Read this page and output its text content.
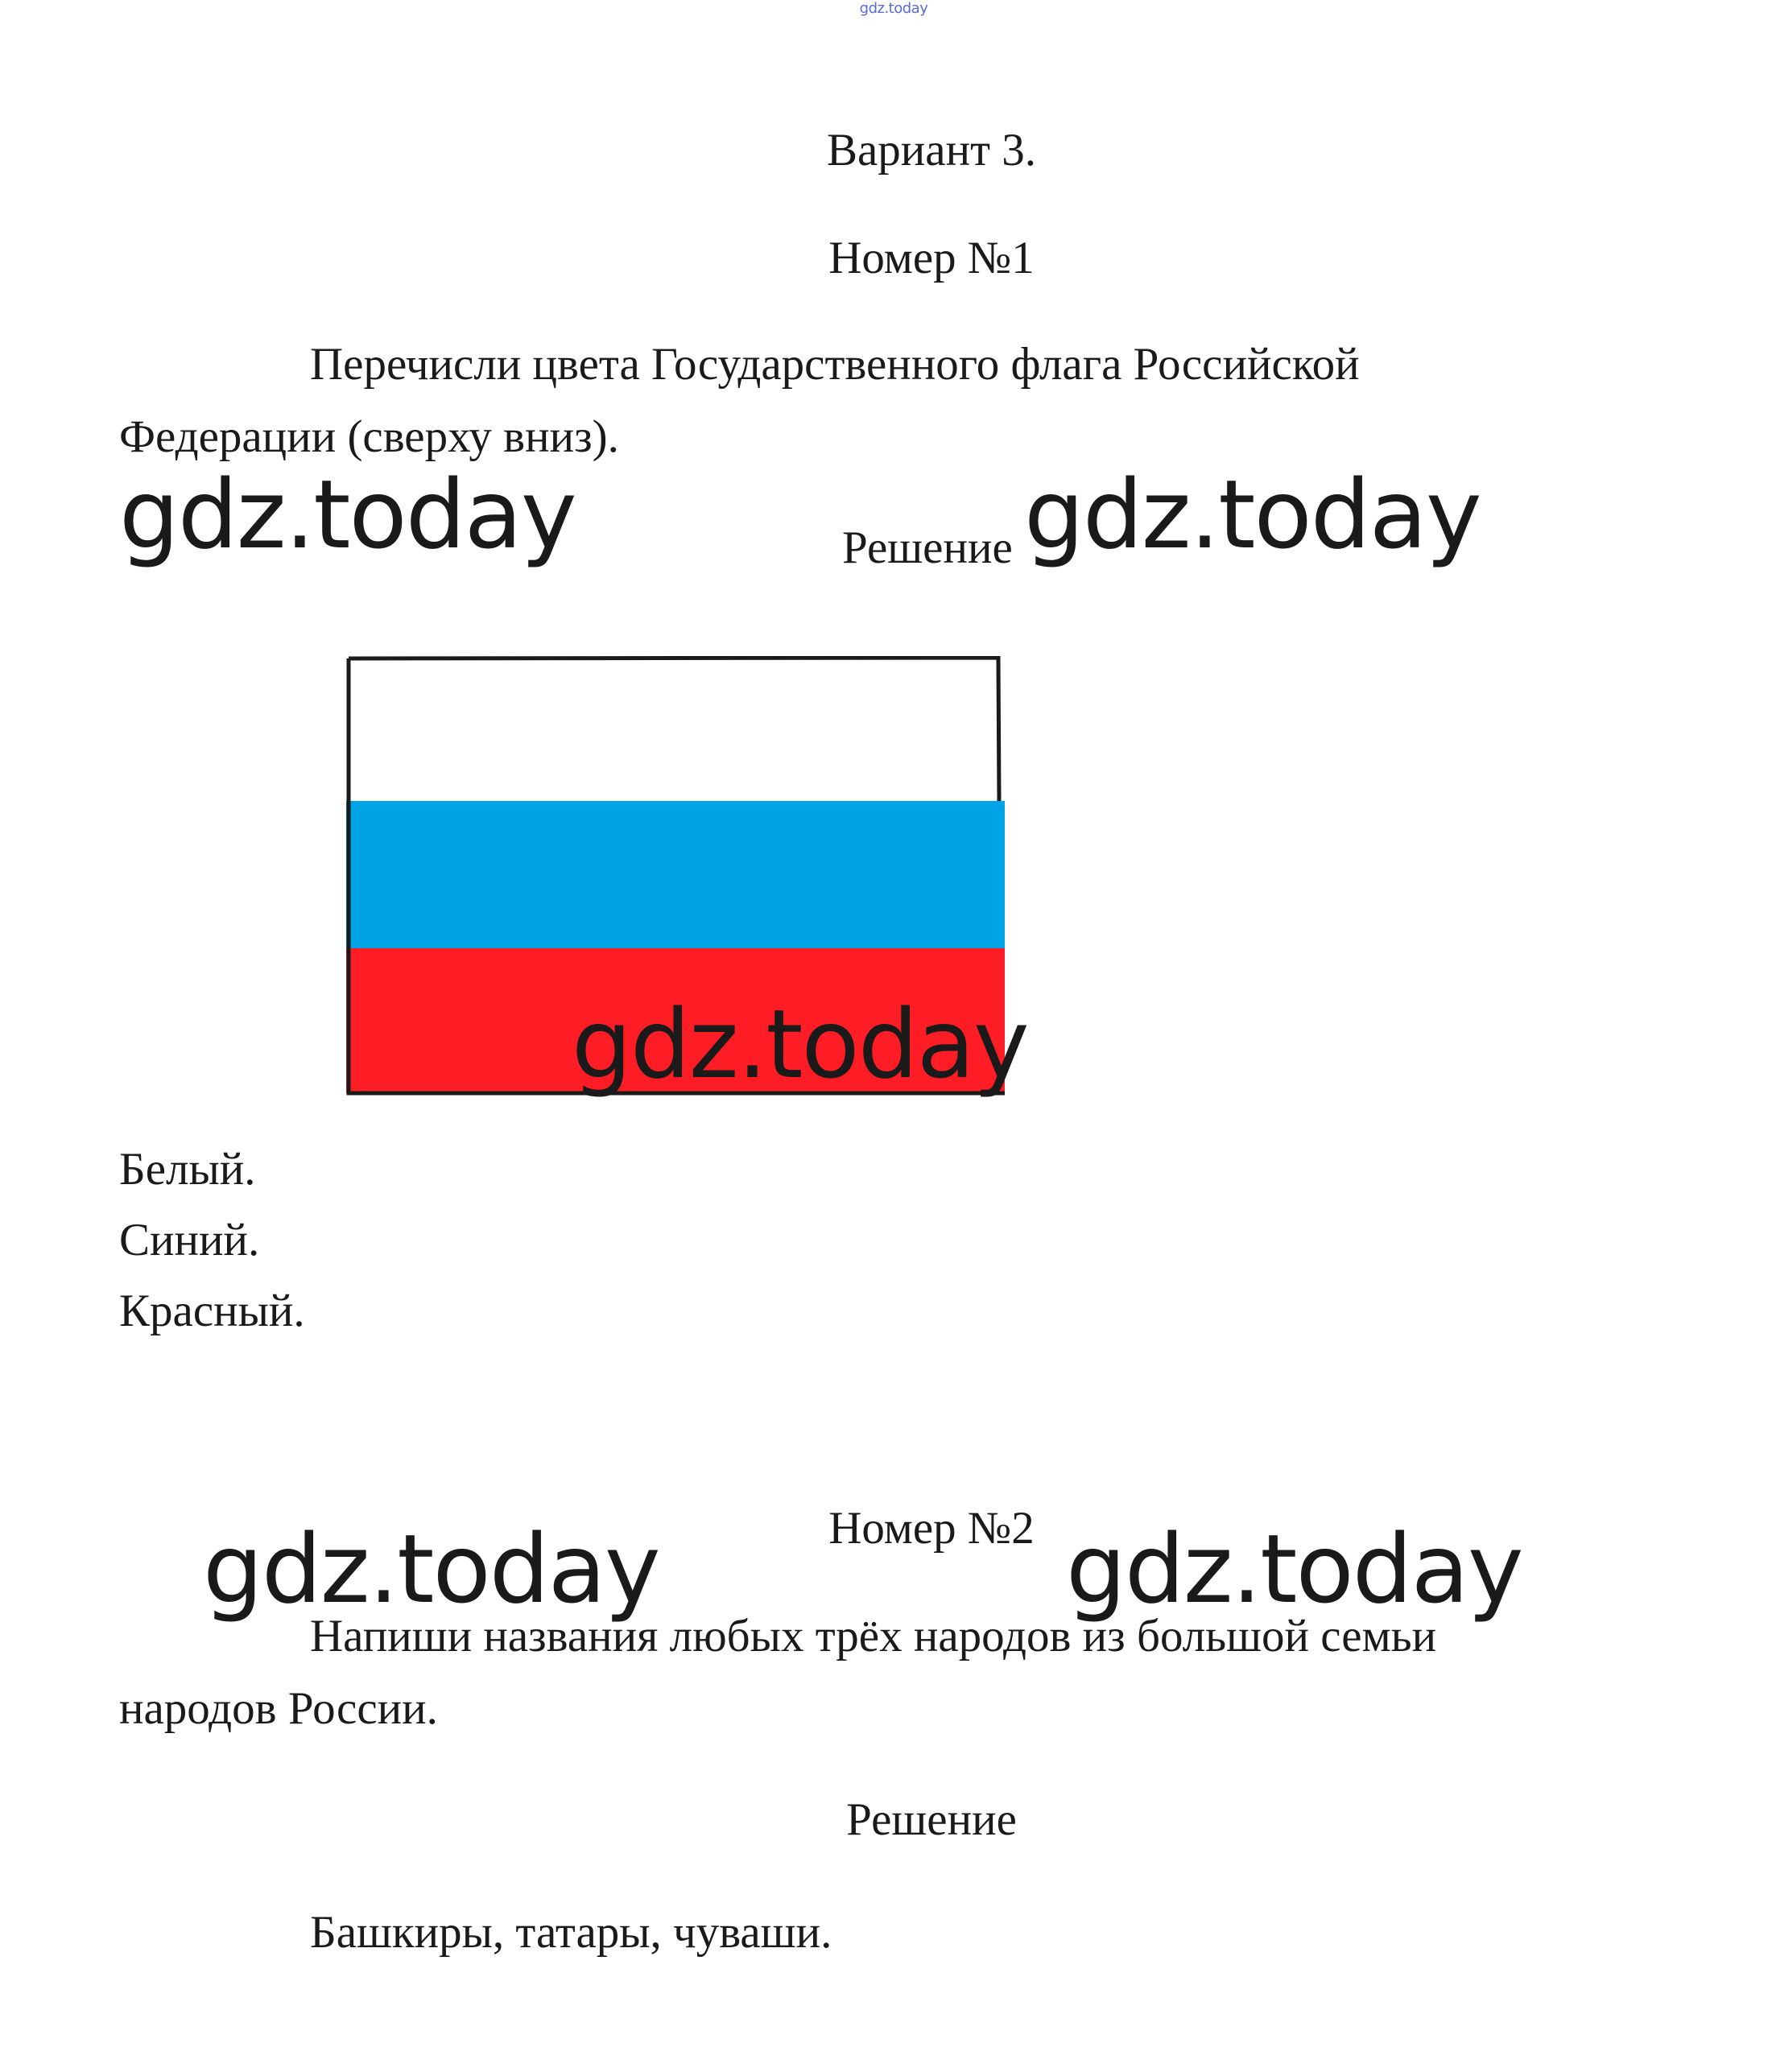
gdz.today
Вариант 3.
Номер №1
Перечисли цвета Государственного флага Российской
Федерации (сверху вниз).
gdz.today	Решение gdz.today
gdz.today
Белый.
Синий.
Красный.
Номер №2
gdz.today	gdz.today
Напиши названия любых трёх народов из большой семьи
народов России.
Решение
Башкиры, татары, чуваши.
